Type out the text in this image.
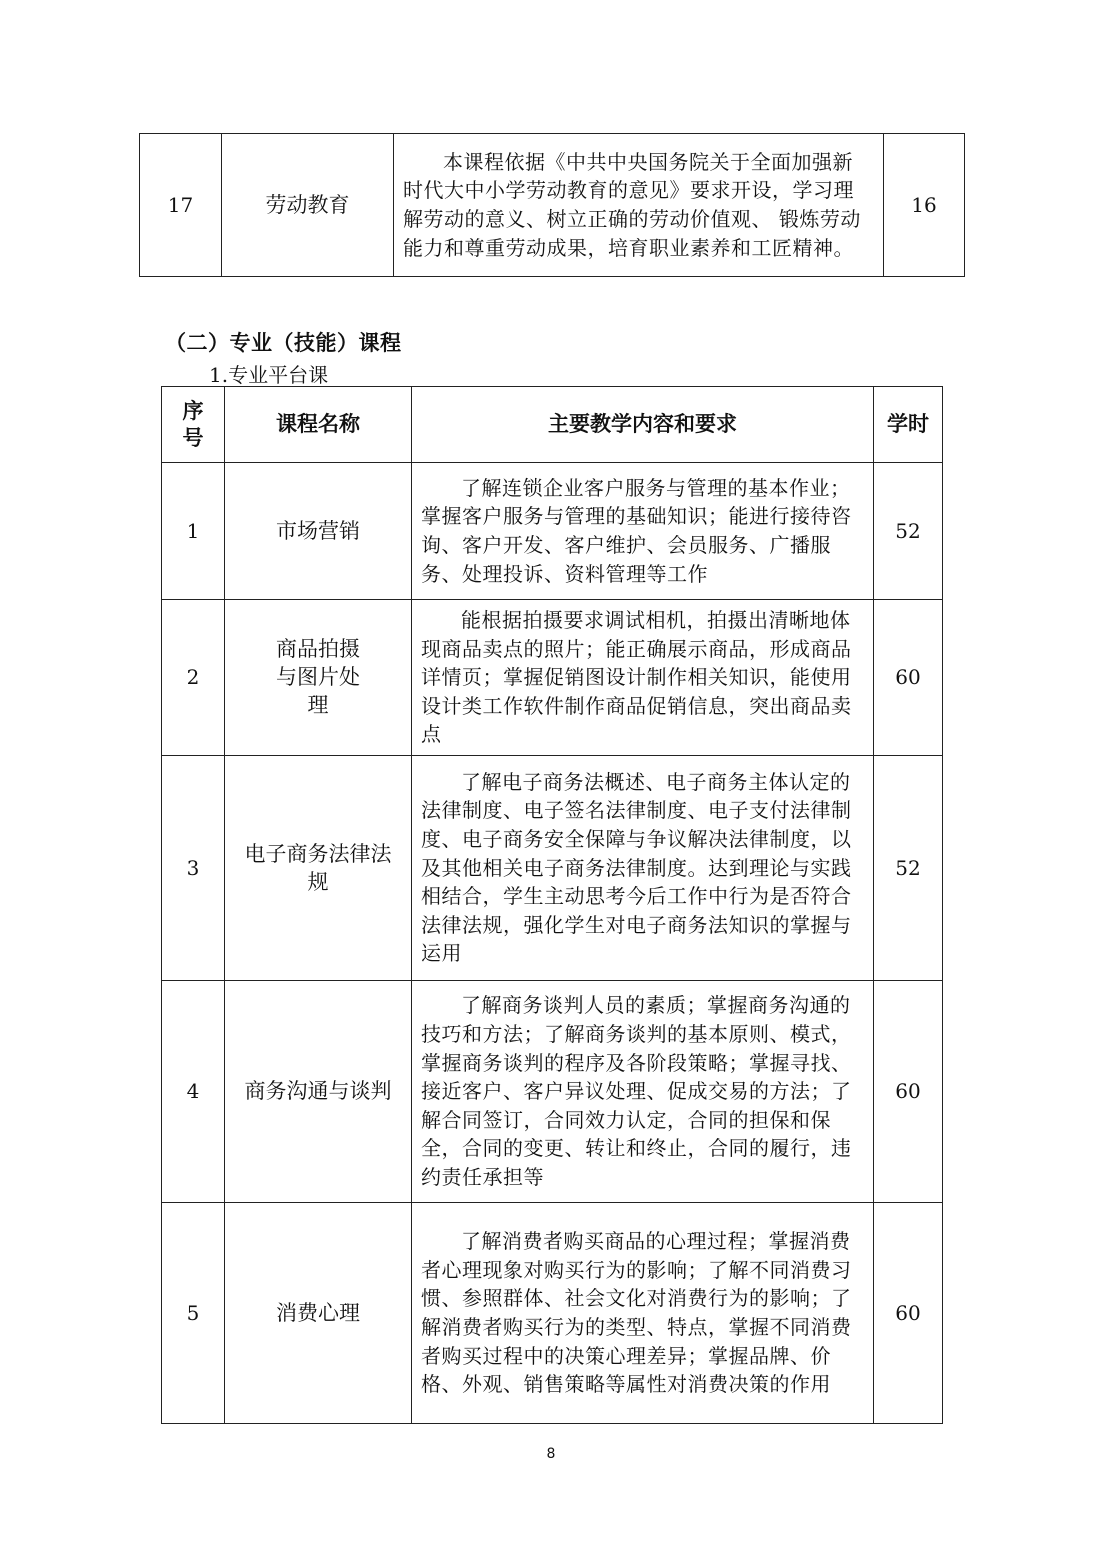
17	劳动教育	本课程依据《中共中央国务院关于全面加强新时代大中小学劳动教育的意见》要求开设，学习理解劳动的意义、树立正确的劳动价值观、 锻炼劳动能力和尊重劳动成果，培育职业素养和工匠精神。	16
（二）专业（技能）课程
1.专业平台课
序号	课程名称	主要教学内容和要求	学时
1	市场营销	了解连锁企业客户服务与管理的基本作业；掌握客户服务与管理的基础知识；能进行接待咨询、客户开发、客户维护、会员服务、广播服务、处理投诉、资料管理等工作	52
2	商品拍摄与图片处理	能根据拍摄要求调试相机，拍摄出清晰地体现商品卖点的照片；能正确展示商品，形成商品详情页；掌握促销图设计制作相关知识，能使用设计类工作软件制作商品促销信息，突出商品卖点	60
3	电子商务法律法规	了解电子商务法概述、电子商务主体认定的法律制度、电子签名法律制度、电子支付法律制度、电子商务安全保障与争议解决法律制度，以及其他相关电子商务法律制度。达到理论与实践相结合，学生主动思考今后工作中行为是否符合法律法规，强化学生对电子商务法知识的掌握与运用	52
4	商务沟通与谈判	了解商务谈判人员的素质；掌握商务沟通的技巧和方法；了解商务谈判的基本原则、模式，掌握商务谈判的程序及各阶段策略；掌握寻找、接近客户、客户异议处理、促成交易的方法；了解合同签订，合同效力认定，合同的担保和保全，合同的变更、转让和终止，合同的履行，违约责任承担等	60
5	消费心理	了解消费者购买商品的心理过程；掌握消费者心理现象对购买行为的影响；了解不同消费习惯、参照群体、社会文化对消费行为的影响；了解消费者购买行为的类型、特点，掌握不同消费者购买过程中的决策心理差异；掌握品牌、价格、外观、销售策略等属性对消费决策的作用	60
8
